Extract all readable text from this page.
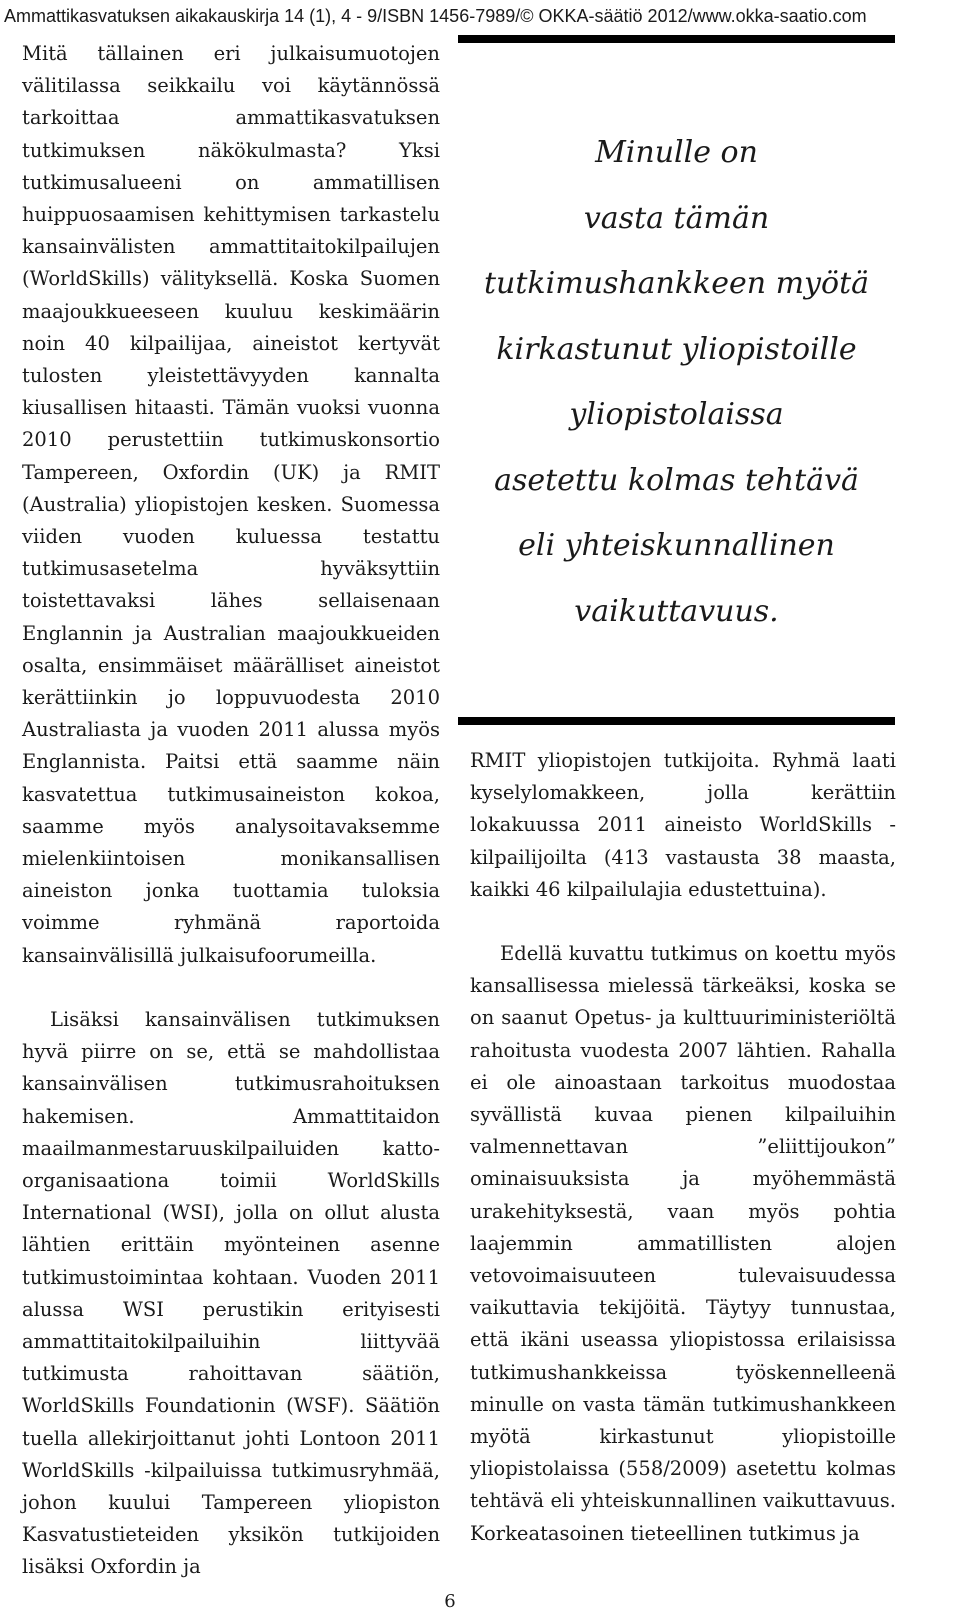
Ammattikasvatuksen aikakauskirja 14 (1), 4 - 9/ISBN 1456-7989/© OKKA-säätiö 2012/www.okka-saatio.com

Mitä tällainen eri julkaisumuotojen välitilassa seikkailu voi käytännössä tarkoittaa ammattikasvatuksen tutkimuksen näkökulmasta? Yksi tutkimusalueeni on ammatillisen huippuosaamisen kehittymisen tarkastelu kansainvälisten ammattitaitokilpailujen (WorldSkills) välityksellä. Koska Suomen maajoukkueeseen kuuluu keskimäärin noin 40 kilpailijaa, aineistot kertyvät tulosten yleistettävyyden kannalta kiusallisen hitaasti. Tämän vuoksi vuonna 2010 perustettiin tutkimuskonsortio Tampereen, Oxfordin (UK) ja RMIT (Australia) yliopistojen kesken. Suomessa viiden vuoden kuluessa testattu tutkimusasetelma hyväksyttiin toistettavaksi lähes sellaisenaan Englannin ja Australian maajoukkueiden osalta, ensimmäiset määrälliset aineistot kerättiinkin jo loppuvuodesta 2010 Australiasta ja vuoden 2011 alussa myös Englannista. Paitsi että saamme näin kasvatettua tutkimusaineiston kokoa, saamme myös analysoitavaksemme mielenkiintoisen monikansallisen aineiston jonka tuottamia tuloksia voimme ryhmänä raportoida kansainvälisillä julkaisufoorumeilla.

Lisäksi kansainvälisen tutkimuksen hyvä piirre on se, että se mahdollistaa kansainvälisen tutkimusrahoituksen hakemisen. Ammattitaidon maailmanmestaruuskilpailuiden katto-organisaationa toimii WorldSkills International (WSI), jolla on ollut alusta lähtien erittäin myönteinen asenne tutkimustoimintaa kohtaan. Vuoden 2011 alussa WSI perustikin erityisesti ammattitaitokilpailuihin liittyvää tutkimusta rahoittavan säätiön, WorldSkills Foundationin (WSF). Säätiön tuella allekirjoittanut johti Lontoon 2011 WorldSkills -kilpailuissa tutkimusryhmää, johon kuului Tampereen yliopiston Kasvatustieteiden yksikön tutkijoiden lisäksi Oxfordin ja

Minulle on
vasta tämän
tutkimushankkeen myötä
kirkastunut yliopistoille
yliopistolaissa
asetettu kolmas tehtävä
eli yhteiskunnallinen
vaikuttavuus.

RMIT yliopistojen tutkijoita. Ryhmä laati kyselylomakkeen, jolla kerättiin lokakuussa 2011 aineisto WorldSkills -kilpailijoilta (413 vastausta 38 maasta, kaikki 46 kilpailulajia edustettuina).

Edellä kuvattu tutkimus on koettu myös kansallisessa mielessä tärkeäksi, koska se on saanut Opetus- ja kulttuuriministeriöltä rahoitusta vuodesta 2007 lähtien. Rahalla ei ole ainoastaan tarkoitus muodostaa syvällistä kuvaa pienen kilpailuihin valmennettavan ”eliittijoukon” ominaisuuksista ja myöhemmästä urakehityksestä, vaan myös pohtia laajemmin ammatillisten alojen vetovoimaisuuteen tulevaisuudessa vaikuttavia tekijöitä. Täytyy tunnustaa, että ikäni useassa yliopistossa erilaisissa tutkimushankkeissa työskennelleenä minulle on vasta tämän tutkimushankkeen myötä kirkastunut yliopistoille yliopistolaissa (558/2009) asetettu kolmas tehtävä eli yhteiskunnallinen vaikuttavuus. Korkeatasoinen tieteellinen tutkimus ja

6
